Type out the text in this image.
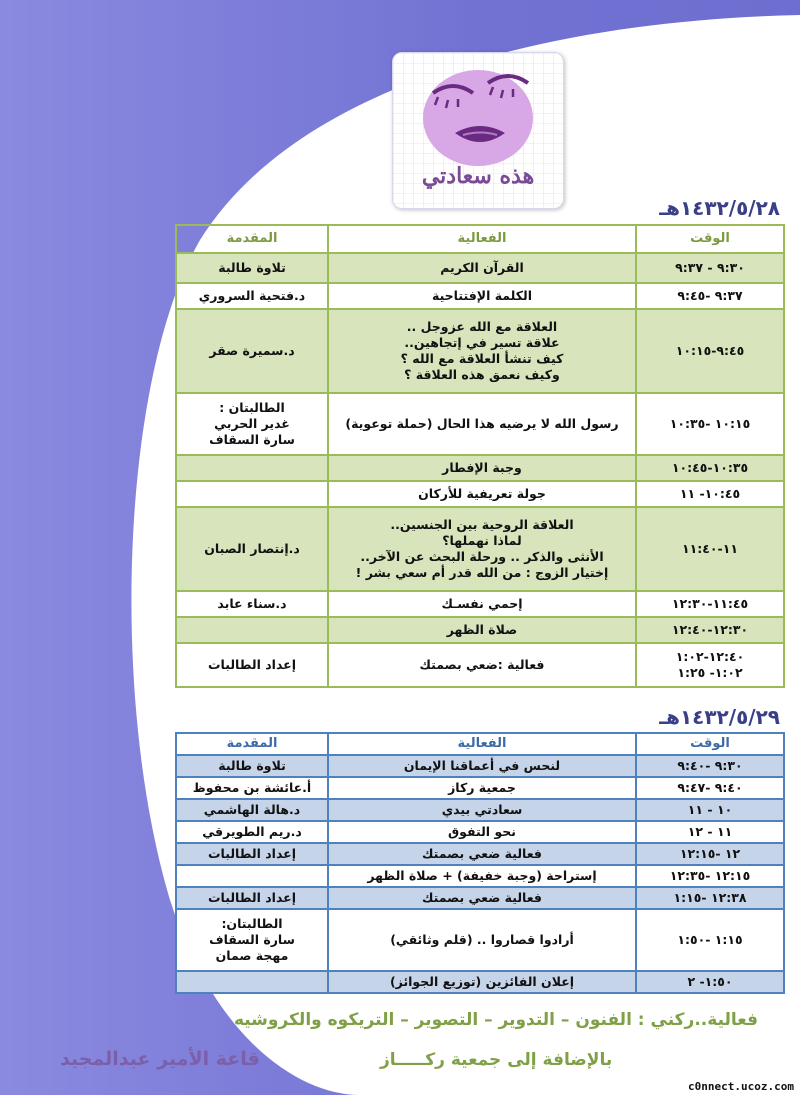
هذه سعادتي
١٤٣٢/٥/٢٨هـ
الوقت	الفعالية	المقدمة

٩:٣٠ - ٩:٣٧	القرآن الكريم	تلاوة طالبة

٩:٣٧ -٩:٤٥	الكلمة الإفتتاحية	د.فتحية السروري

٩:٤٥-١٠:١٥	العلاقة مع الله عزوجل ..
علاقة تسير في إتجاهين..
كيف تنشأ العلاقة مع الله ؟
وكيف نعمق هذه العلاقة ؟	د.سميرة صقر

١٠:١٥ -١٠:٣٥	رسول الله لا يرضيه هذا الحال (حملة توعوية)	الطالبتان :
غدير الحربي
سارة السقاف

١٠:٣٥-١٠:٤٥	وجبة الإفطار	

١٠:٤٥- ١١	جولة تعريفية للأركان	

١١-١١:٤٠	العلاقة الروحية بين الجنسين..
لماذا نهملها؟
الأنثى والذكر .. ورحلة البحث عن الآخر..
إختيار الزوج : من الله قدر أم سعي بشر !	د.إنتصار الصبان

١١:٤٥-١٢:٣٠	إحمي نفسـك	د.سناء عابد

١٢:٣٠-١٢:٤٠	صلاة الظهر	

١٢:٤٠-١:٠٢
١:٠٢- ١:٢٥	فعالية :ضعي بصمتك	إعداد الطالبات
١٤٣٢/٥/٢٩هـ
الوقت	الفعالية	المقدمة

٩:٣٠ -٩:٤٠	لنحس في أعماقنا الإيمان	تلاوة طالبة

٩:٤٠ -٩:٤٧	جمعية ركاز	أ.عائشة بن محفوظ

١٠ - ١١	سعادتي بيدي	د.هالة الهاشمي

١١ - ١٢	نحو التفوق	د.ريم الطويرقي

١٢ -١٢:١٥	فعالية ضعي بصمتك	إعداد الطالبات

١٢:١٥ -١٢:٣٥	إستراحة (وجبة خفيفة) + صلاة الظهر	

١٢:٣٨ -١:١٥	فعالية ضعي بصمتك	إعداد الطالبات

١:١٥ -١:٥٠	أرادوا قصاروا .. (قلم وثائقي)	الطالبتان:
سارة السقاف
مهجة صمان

١:٥٠- ٢	إعلان الفائزين (توزيع الجوائز)	

فعالية..ركني : الفنون – التدوير – التصوير – التريكوه والكروشيه
بالإضافة إلى جمعية ركـــــاز
قاعة الأمير عبدالمجيد
c0nnect.ucoz.com
